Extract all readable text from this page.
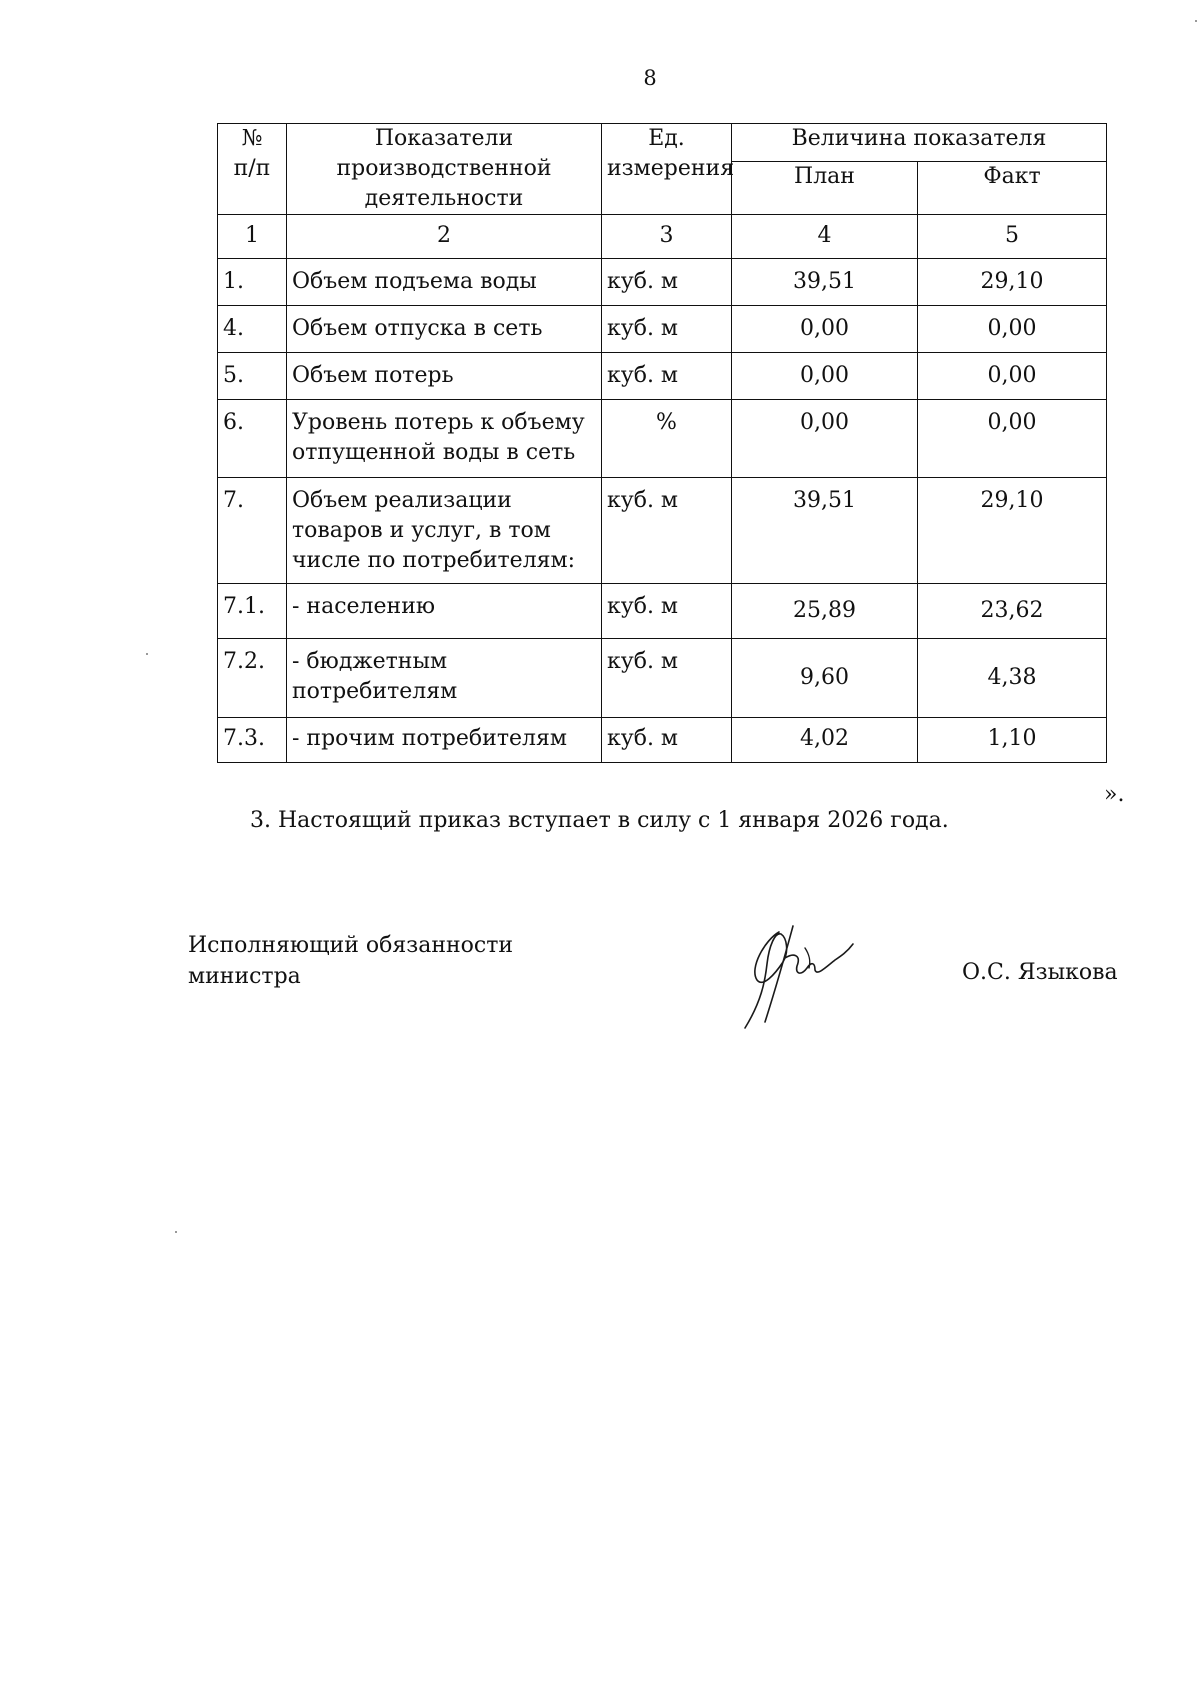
8
№
п/п	Показатели производственной деятельности	Ед. измерения	Величина показателя	
			План	Факт
1	2	3	4	5
1.	Объем подъема воды	куб. м	39,51	29,10
4.	Объем отпуска в сеть	куб. м	0,00	0,00
5.	Объем потерь	куб. м	0,00	0,00
6.	Уровень потерь к объему отпущенной воды в сеть	%	0,00	0,00
7.	Объем реализации товаров и услуг, в том числе по потребителям:	куб. м	39,51	29,10
7.1.	- населению	куб. м	25,89	23,62
7.2.	- бюджетным потребителям	куб. м	9,60	4,38
7.3.	- прочим потребителям	куб. м	4,02	1,10
».
3. Настоящий приказ вступает в силу с 1 января 2026 года.
Исполняющий обязанности
министра	О.С. Языкова
